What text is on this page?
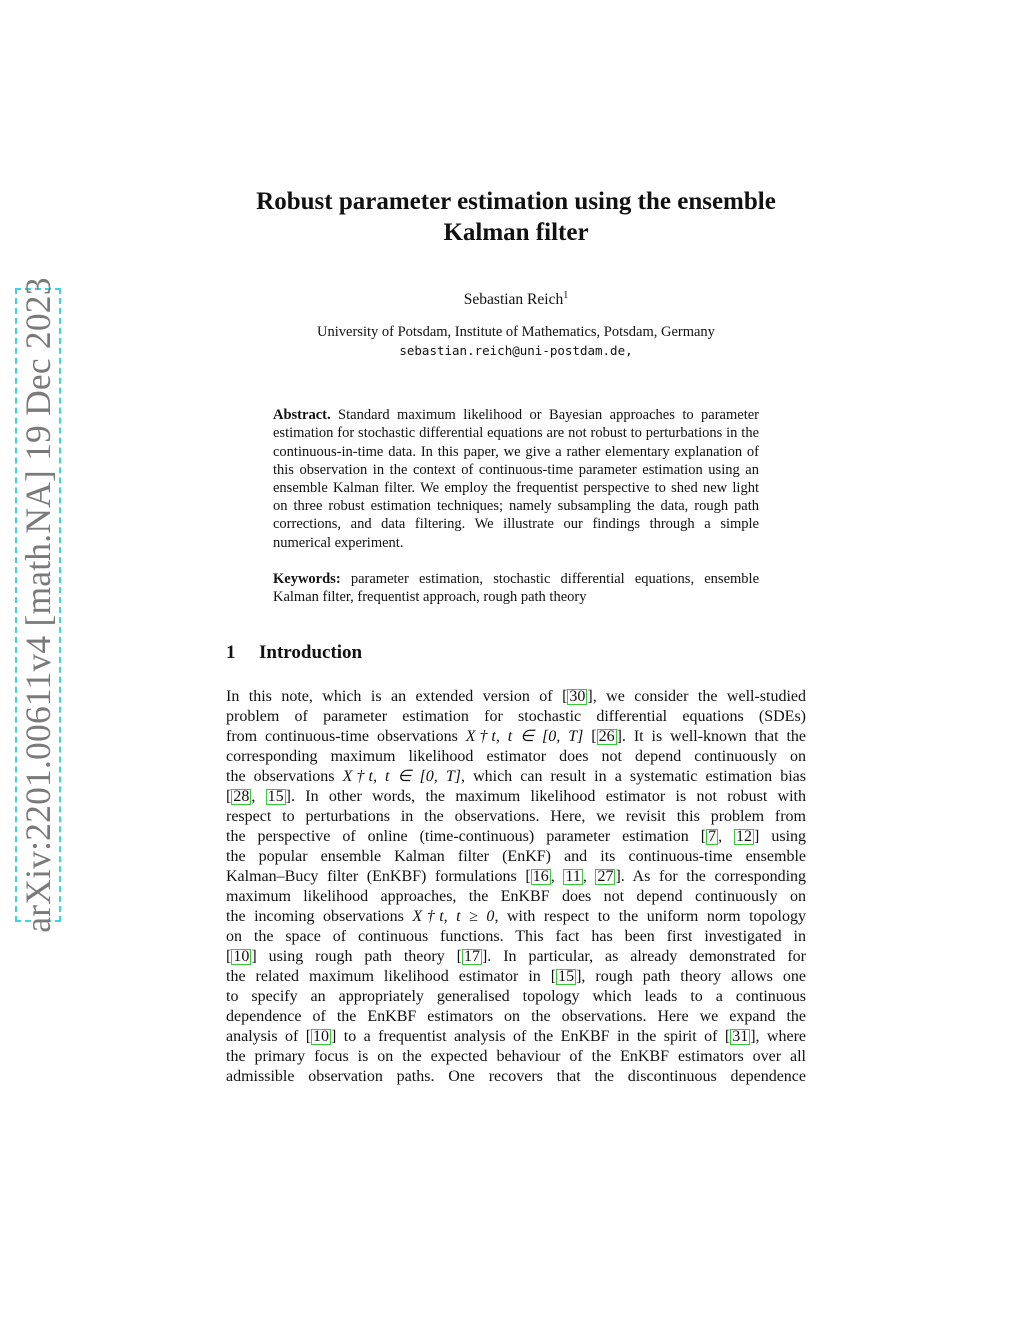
arXiv:2201.00611v4 [math.NA] 19 Dec 2023
Robust parameter estimation using the ensemble
Kalman filter
Sebastian Reich$^1$
University of Potsdam, Institute of Mathematics, Potsdam, Germany
sebastian.reich@uni-postdam.de,
Abstract. Standard maximum likelihood or Bayesian approaches to parameter estimation for stochastic differential equations are not robust to perturbations in the continuous-in-time data. In this paper, we give a rather elementary explanation of this observation in the context of continuous-time parameter estimation using an ensemble Kalman filter. We employ the frequentist perspective to shed new light on three robust estimation techniques; namely subsampling the data, rough path corrections, and data filtering. We illustrate our findings through a simple numerical experiment.
Keywords: parameter estimation, stochastic differential equations, ensemble Kalman filter, frequentist approach, rough path theory
1 Introduction
In this note, which is an extended version of [ 30 ], we consider the well-studied
problem of parameter estimation for stochastic differential equations (SDEs)
from continuous-time observations X†t, t ∈ [0, T] [ 26 ]. It is well-known that the
corresponding maximum likelihood estimator does not depend continuously on
the observations X†t, t ∈ [0, T], which can result in a systematic estimation bias
[ 28 , 15 ]. In other words, the maximum likelihood estimator is not robust with
respect to perturbations in the observations. Here, we revisit this problem from
the perspective of online (time-continuous) parameter estimation [ 7 , 12 ] using
the popular ensemble Kalman filter (EnKF) and its continuous-time ensemble
Kalman–Bucy filter (EnKBF) formulations [ 16 , 11 , 27 ]. As for the corresponding
maximum likelihood approaches, the EnKBF does not depend continuously on
the incoming observations X†t, t ≥ 0, with respect to the uniform norm topology
on the space of continuous functions. This fact has been first investigated in
[ 10 ] using rough path theory [ 17 ]. In particular, as already demonstrated for
the related maximum likelihood estimator in [ 15 ], rough path theory allows one
to specify an appropriately generalised topology which leads to a continuous
dependence of the EnKBF estimators on the observations. Here we expand the
analysis of [ 10 ] to a frequentist analysis of the EnKBF in the spirit of [ 31 ], where
the primary focus is on the expected behaviour of the EnKBF estimators over all
admissible observation paths. One recovers that the discontinuous dependence
